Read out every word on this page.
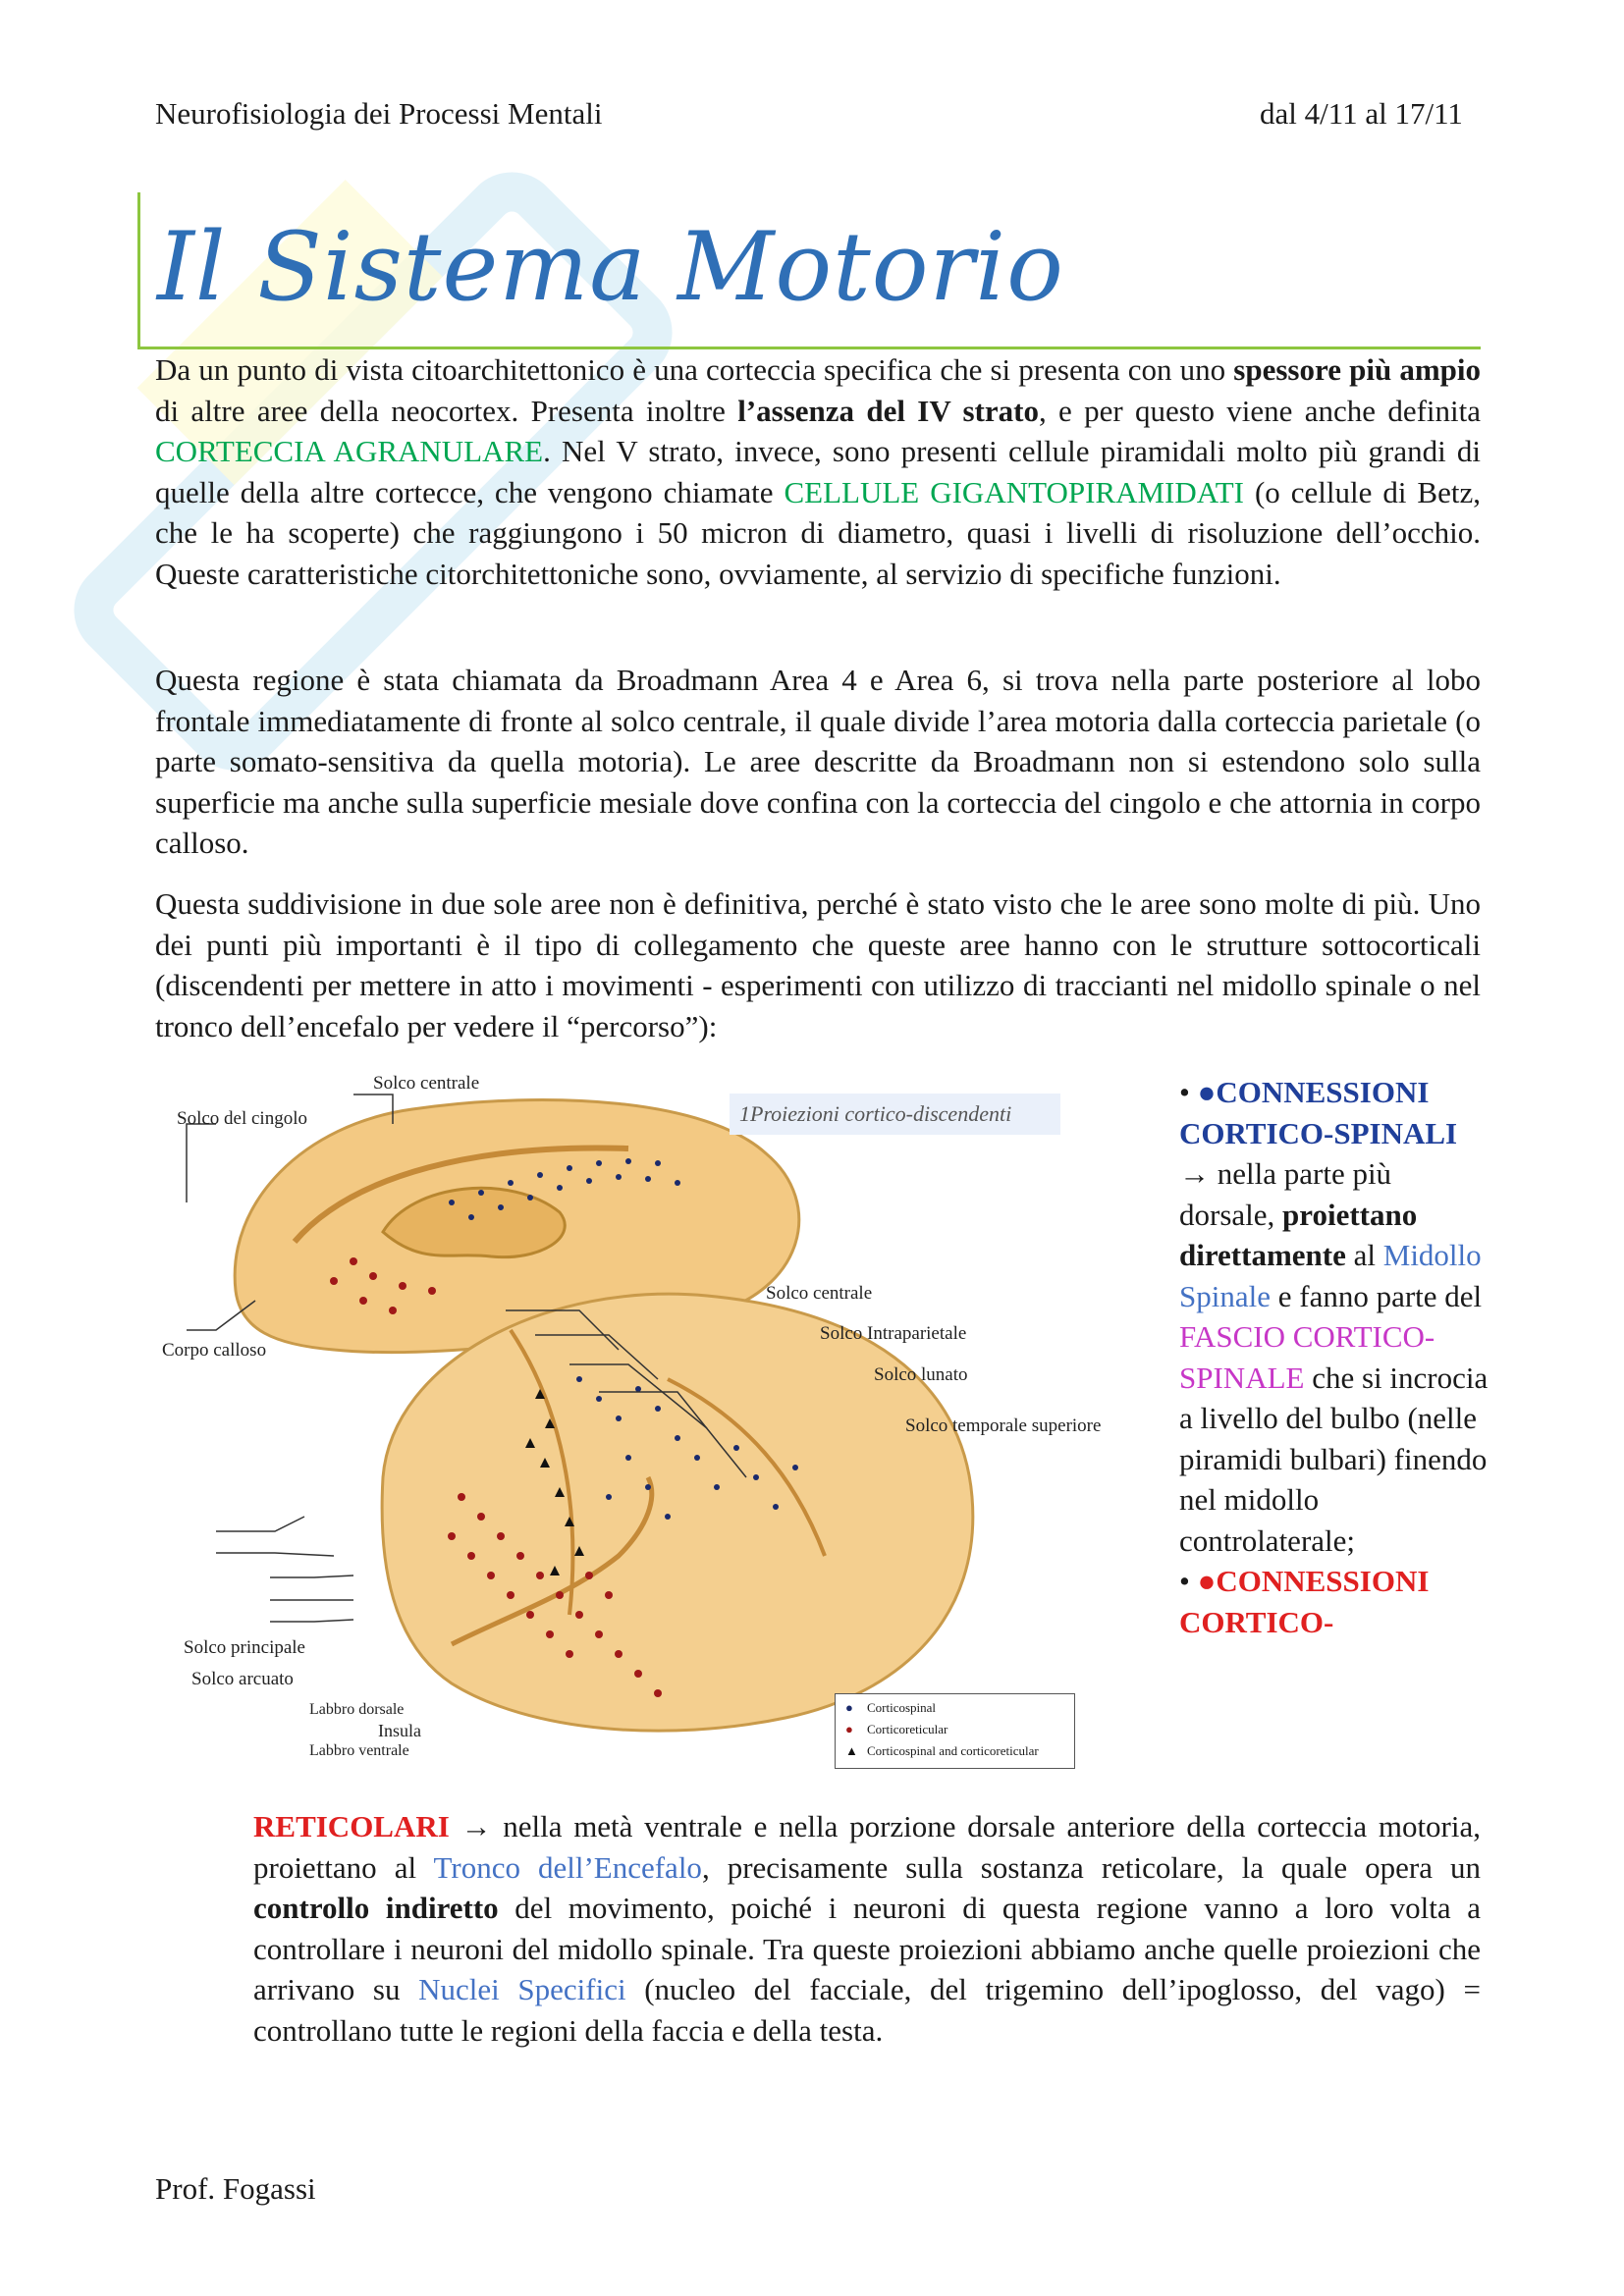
Neurofisiologia dei Processi Mentali	dal 4/11 al 17/11
Il Sistema Motorio
Da un punto di vista citoarchitettonico è una corteccia specifica che si presenta con uno spessore più ampio di altre aree della neocortex. Presenta inoltre l’assenza del IV strato, e per questo viene anche definita CORTECCIA AGRANULARE. Nel V strato, invece, sono presenti cellule piramidali molto più grandi di quelle della altre cortecce, che vengono chiamate CELLULE GIGANTOPIRAMIDATI (o cellule di Betz, che le ha scoperte) che raggiungono i 50 micron di diametro, quasi i livelli di risoluzione dell’occhio. Queste caratteristiche citorchitettoniche sono, ovviamente, al servizio di specifiche funzioni.
Questa regione è stata chiamata da Broadmann Area 4 e Area 6, si trova nella parte posteriore al lobo frontale immediatamente di fronte al solco centrale, il quale divide l’area motoria dalla corteccia parietale (o parte somato-sensitiva da quella motoria). Le aree descritte da Broadmann non si estendono solo sulla superficie ma anche sulla superficie mesiale dove confina con la corteccia del cingolo e che attornia in corpo calloso.
Questa suddivisione in due sole aree non è definitiva, perché è stato visto che le aree sono molte di più. Uno dei punti più importanti è il tipo di collegamento che queste aree hanno con le strutture sottocorticali (discendenti per mettere in atto i movimenti - esperimenti con utilizzo di traccianti nel midollo spinale o nel tronco dell’encefalo per vedere il “percorso”):
Solco centrale
Solco del cingolo
Corpo calloso
Solco centrale
Solco Intraparietale
Solco lunato
Solco temporale superiore
Solco principale
Solco arcuato
Labbro dorsale
Insula
Labbro ventrale
● Corticospinal
● Corticoreticular
▲ Corticospinal and corticoreticular
1Proiezioni cortico-discendenti
• ●CONNESSIONI CORTICO-SPINALI → nella parte più dorsale, proiettano direttamente al Midollo Spinale e fanno parte del FASCIO CORTICO-SPINALE che si incrocia a livello del bulbo (nelle piramidi bulbari) finendo nel midollo controlaterale;
• ●CONNESSIONI CORTICO-
RETICOLARI → nella metà ventrale e nella porzione dorsale anteriore della corteccia motoria, proiettano al Tronco dell’Encefalo, precisamente sulla sostanza reticolare, la quale opera un controllo indiretto del movimento, poiché i neuroni di questa regione vanno a loro volta a controllare i neuroni del midollo spinale. Tra queste proiezioni abbiamo anche quelle proiezioni che arrivano su Nuclei Specifici (nucleo del facciale, del trigemino dell’ipoglosso, del vago) = controllano tutte le regioni della faccia e della testa.
Prof. Fogassi
